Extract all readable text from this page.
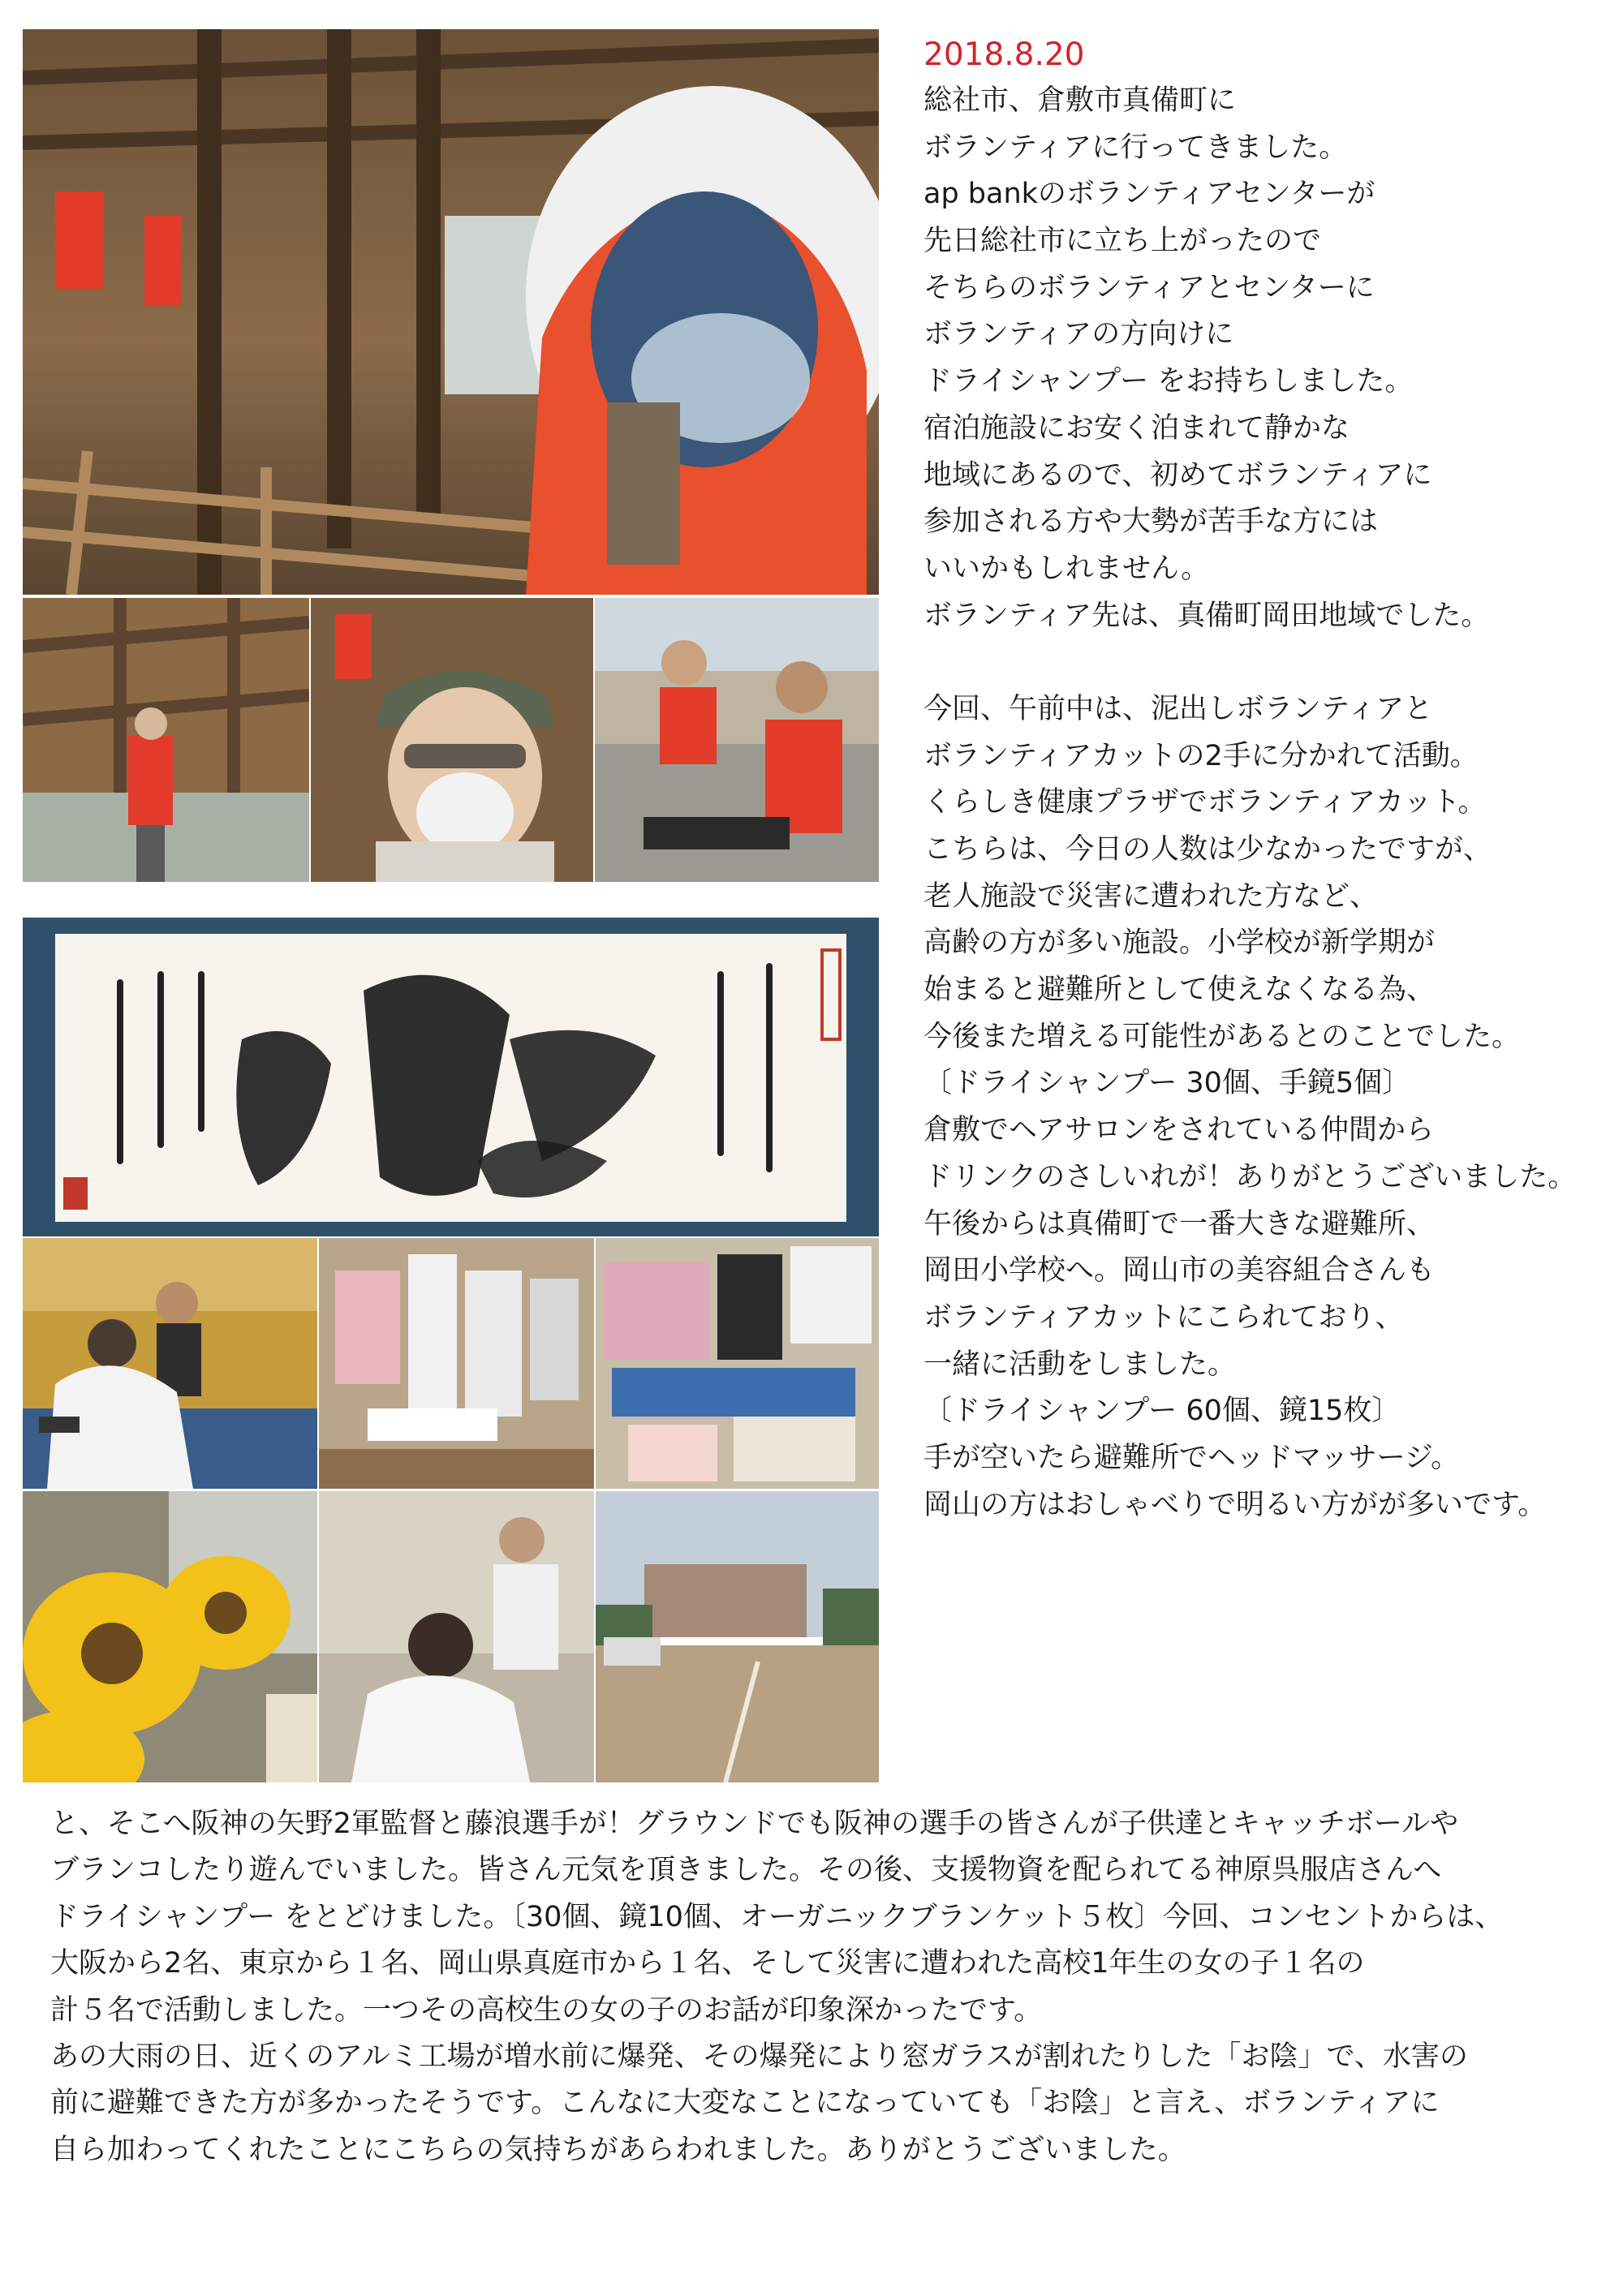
2018.8.20

総社市、倉敷市真備町に

ボランティアに行ってきました。

ap bankのボランティアセンターが

先日総社市に立ち上がったので

そちらのボランティアとセンターに

ボランティアの方向けに

ドライシャンプー をお持ちしました。

宿泊施設にお安く泊まれて静かな

地域にあるので、初めてボランティアに

参加される方や大勢が苦手な方には

いいかもしれません。

ボランティア先は、真備町岡田地域でした。

今回、午前中は、泥出しボランティアと

ボランティアカットの2手に分かれて活動。

くらしき健康プラザでボランティアカット。

こちらは、今日の人数は少なかったですが、

老人施設で災害に遭われた方など、

高齢の方が多い施設。小学校が新学期が

始まると避難所として使えなくなる為、

今後また増える可能性があるとのことでした。

〔ドライシャンプー 30個、手鏡5個〕

倉敷でヘアサロンをされている仲間から

ドリンクのさしいれが！ありがとうございました。

午後からは真備町で一番大きな避難所、

岡田小学校へ。岡山市の美容組合さんも

ボランティアカットにこられており、

一緒に活動をしました。

〔ドライシャンプー 60個、鏡15枚〕

手が空いたら避難所でヘッドマッサージ。

岡山の方はおしゃべりで明るい方がが多いです。

と、そこへ阪神の矢野2軍監督と藤浪選手が！グラウンドでも阪神の選手の皆さんが子供達とキャッチボールや

ブランコしたり遊んでいました。皆さん元気を頂きました。その後、支援物資を配られてる神原呉服店さんへ

ドライシャンプー をとどけました。〔30個、鏡10個、オーガニックブランケット５枚〕今回、コンセントからは、

大阪から2名、東京から１名、岡山県真庭市から１名、そして災害に遭われた高校1年生の女の子１名の

計５名で活動しました。一つその高校生の女の子のお話が印象深かったです。

あの大雨の日、近くのアルミ工場が増水前に爆発、その爆発により窓ガラスが割れたりした「お陰」で、水害の

前に避難できた方が多かったそうです。こんなに大変なことになっていても「お陰」と言え、ボランティアに

自ら加わってくれたことにこちらの気持ちがあらわれました。ありがとうございました。
